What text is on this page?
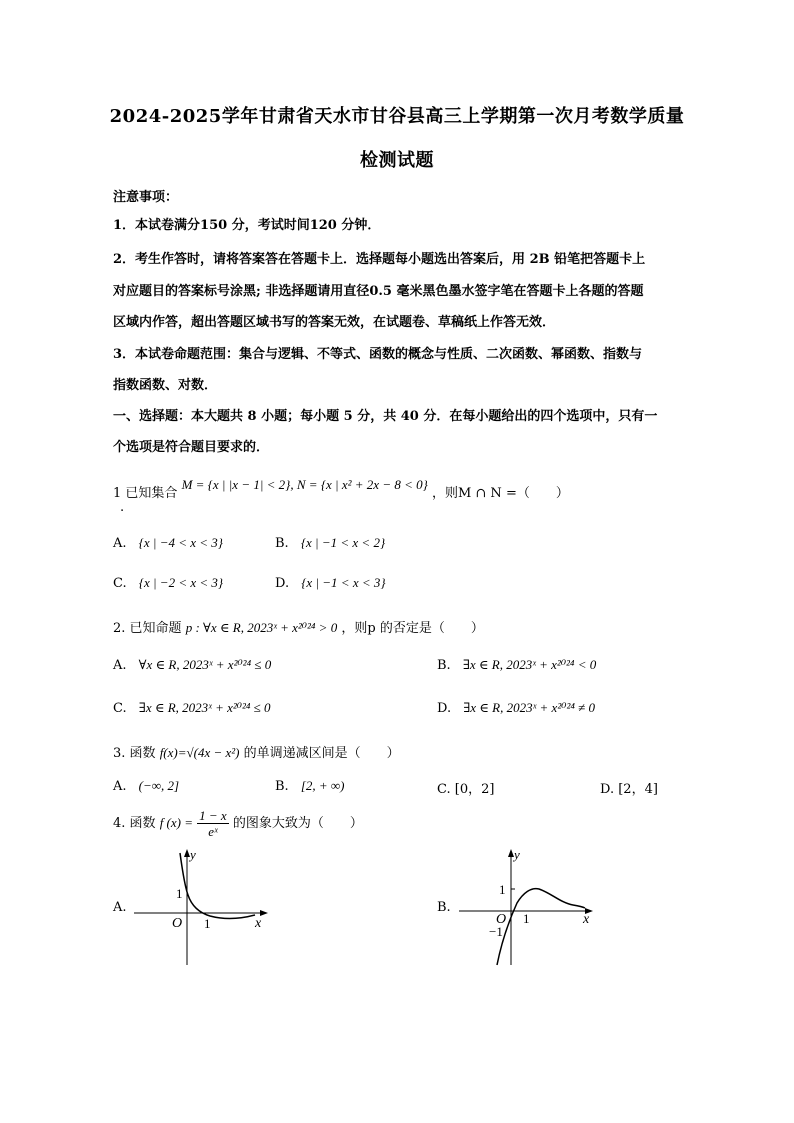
2024-2025学年甘肃省天水市甘谷县高三上学期第一次月考数学质量
检测试题
注意事项：
1．本试卷满分150 分，考试时间120 分钟．
2．考生作答时，请将答案答在答题卡上．选择题每小题选出答案后，用 2B 铅笔把答题卡上
对应题目的答案标号涂黑; 非选择题请用直径0.5 毫米黑色墨水签字笔在答题卡上各题的答题
区域内作答，超出答题区域书写的答案无效，在试题卷、草稿纸上作答无效．
3．本试卷命题范围：集合与逻辑、不等式、函数的概念与性质、二次函数、幂函数、指数与
指数函数、对数．
一、选择题：本大题共 8 小题；每小题 5 分，共 40 分．在每小题给出的四个选项中，只有一
个选项是符合题目要求的．
1 已知集合 M = {x | |x − 1| < 2}, N = {x | x² + 2x − 8 < 0} ，则M ∩ N =（　　）
.
A. {x | −4 < x < 3}	B. {x | −1 < x < 2}
C. {x | −2 < x < 3}	D. {x | −1 < x < 3}
2. 已知命题 p : ∀x ∈ R, 2023ˣ + x²⁰²⁴ > 0 ，则p 的否定是（　　）
A. ∀x ∈ R, 2023ˣ + x²⁰²⁴ ≤ 0	B. ∃x ∈ R, 2023ˣ + x²⁰²⁴ < 0
C. ∃x ∈ R, 2023ˣ + x²⁰²⁴ ≤ 0	D. ∃x ∈ R, 2023ˣ + x²⁰²⁴ ≠ 0
3. 函数 f(x)=√(4x − x²) 的单调递减区间是（　　）
A. (−∞, 2]	B. [2, + ∞)	C. [0，2]	D. [2，4]
4. 函数 f $(x) = \frac{1 - x}{\text{eˣ}}$ 的图象大致为（　　）
A.	B.
y
x
O
1
1
y
x
O
1
1
−1
